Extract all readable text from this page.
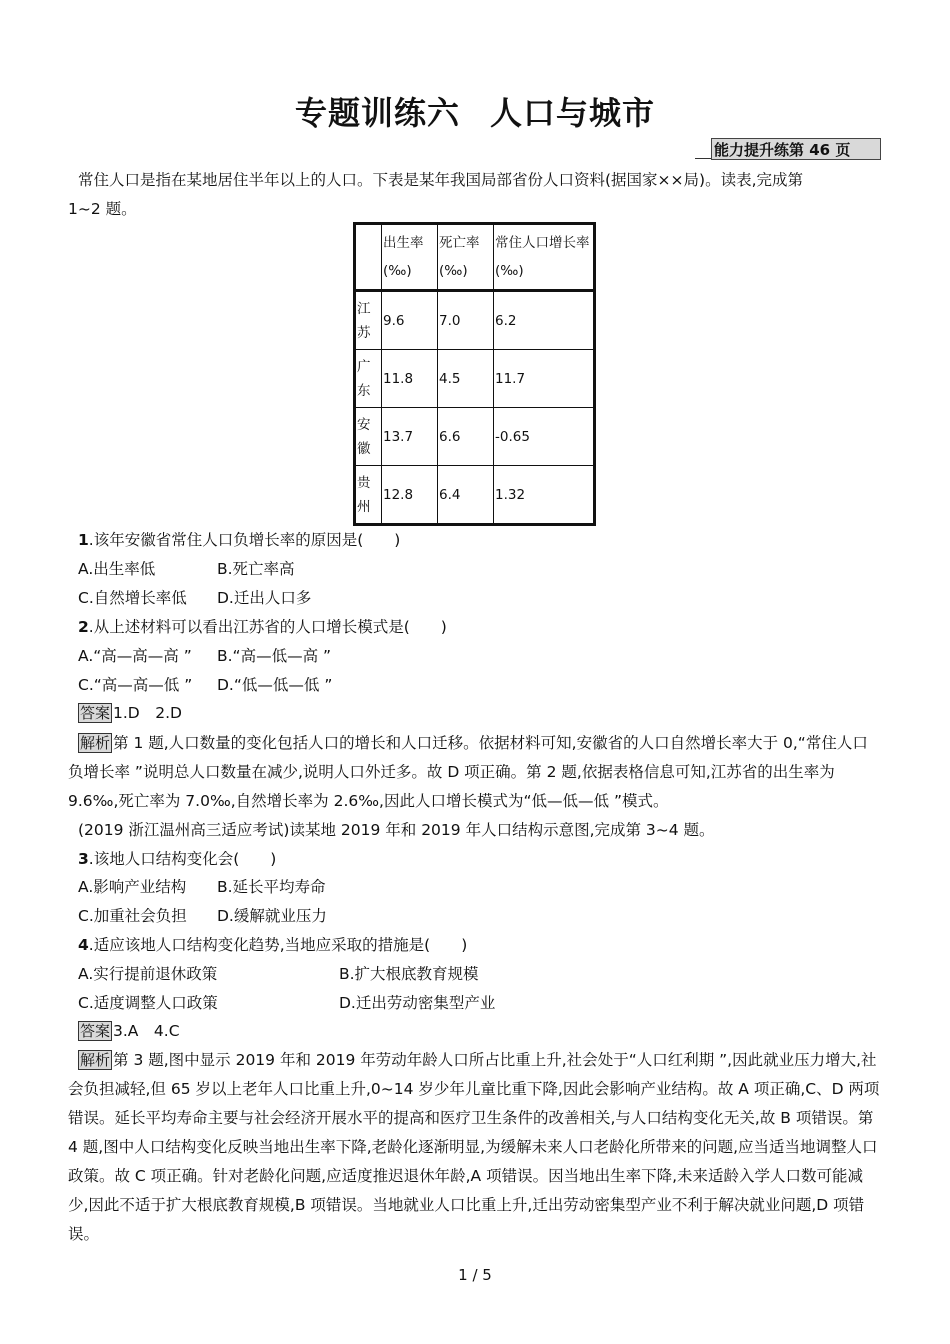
专题训练六 人口与城市
能力提升练第 46 页
常住人口是指在某地居住半年以上的人口。下表是某年我国局部省份人口资料(据国家××局)。读表,完成第
1~2 题。
	出生率(‰)	死亡率(‰)	常住人口增长率(‰)
江苏	9.6	7.0	6.2
广东	11.8	4.5	11.7
安徽	13.7	6.6	-0.65
贵州	12.8	6.4	1.32
1.该年安徽省常住人口负增长率的原因是(　　)
A.出生率低	B.死亡率高
C.自然增长率低 D.迁出人口多
2.从上述材料可以看出江苏省的人口增长模式是(　　)
A.“高—高—高 ” B.“高—低—高 ”
C.“高—高—低 ” D.“低—低—低 ”
答案 1.D　2.D
解析 第 1 题,人口数量的变化包括人口的增长和人口迁移。依据材料可知,安徽省的人口自然增长率大于 0,“常住人口负增长率 ”说明总人口数量在减少,说明人口外迁多。故 D 项正确。第 2 题,依据表格信息可知,江苏省的出生率为 9.6‰,死亡率为 7.0‰,自然增长率为 2.6‰,因此人口增长模式为“低—低—低 ”模式。
(2019 浙江温州高三适应考试)读某地 2019 年和 2019 年人口结构示意图,完成第 3~4 题。
3.该地人口结构变化会(　　)
A.影响产业结构 B.延长平均寿命
C.加重社会负担 D.缓解就业压力
4.适应该地人口结构变化趋势,当地应采取的措施是(　　)
A.实行提前退休政策	B.扩大根底教育规模
C.适度调整人口政策	D.迁出劳动密集型产业
答案 3.A　4.C
解析 第 3 题,图中显示 2019 年和 2019 年劳动年龄人口所占比重上升,社会处于“人口红利期 ”,因此就业压力增大,社会负担减轻,但 65 岁以上老年人口比重上升,0~14 岁少年儿童比重下降,因此会影响产业结构。故 A 项正确,C、D 两项错误。延长平均寿命主要与社会经济开展水平的提高和医疗卫生条件的改善相关,与人口结构变化无关,故 B 项错误。第 4 题,图中人口结构变化反映当地出生率下降,老龄化逐渐明显,为缓解未来人口老龄化所带来的问题,应当适当地调整人口政策。故 C 项正确。针对老龄化问题,应适度推迟退休年龄,A 项错误。因当地出生率下降,未来适龄入学人口数可能减少,因此不适于扩大根底教育规模,B 项错误。当地就业人口比重上升,迁出劳动密集型产业不利于解决就业问题,D 项错误。
1 / 5
